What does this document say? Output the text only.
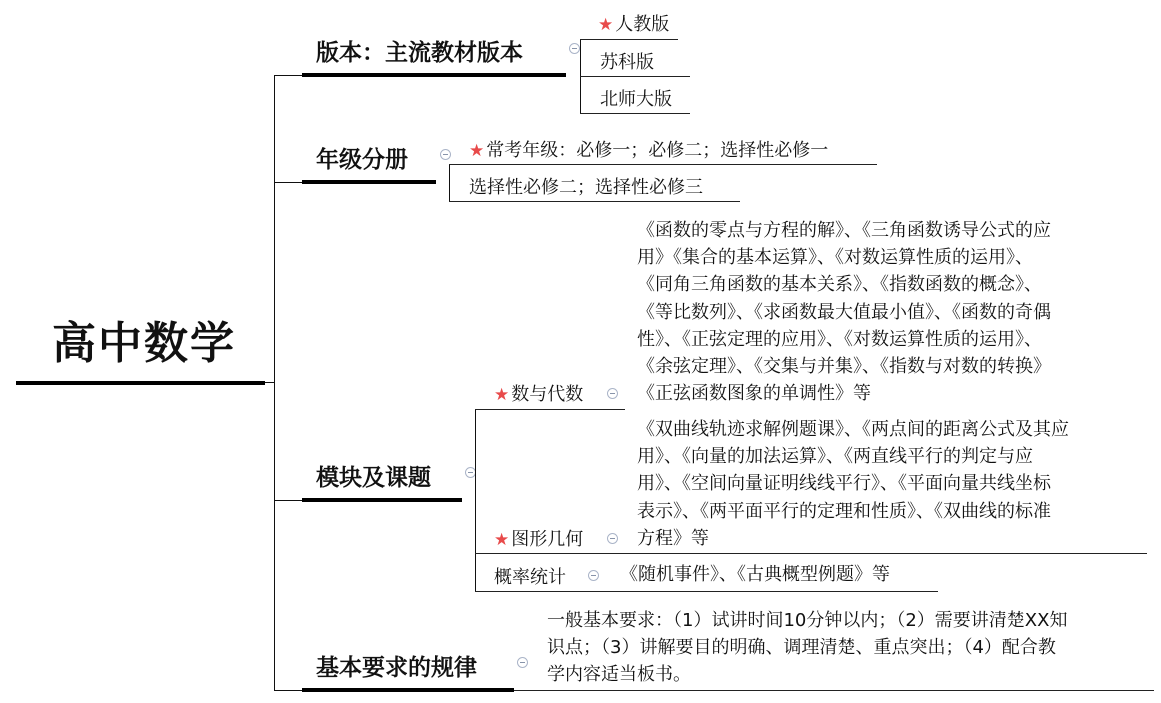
高中数学
版本：主流教材版本
★ 人教版
苏科版
北师大版
年级分册	★ 常考年级：必修一；必修二；选择性必修一
选择性必修二；选择性必修三
模块及课题
★ 数与代数
《函数的零点与方程的解》、《三角函数诱导公式的应
用》《集合的基本运算》、《对数运算性质的运用》、
《同角三角函数的基本关系》、《指数函数的概念》、
《等比数列》、《求函数最大值最小值》、《函数的奇偶
性》、《正弦定理的应用》、《对数运算性质的运用》、
《余弦定理》、《交集与并集》、《指数与对数的转换》
《正弦函数图象的单调性》等
★ 图形几何
《双曲线轨迹求解例题课》、《两点间的距离公式及其应
用》、《向量的加法运算》、《两直线平行的判定与应
用》、《空间向量证明线线平行》、《平面向量共线坐标
表示》、《两平面平行的定理和性质》、《双曲线的标准
方程》等
概率统计	《随机事件》、《古典概型例题》等
基本要求的规律
一般基本要求：（1）试讲时间10分钟以内；（2）需要讲清楚XX知
识点；（3）讲解要目的明确、调理清楚、重点突出；（4）配合教
学内容适当板书。
